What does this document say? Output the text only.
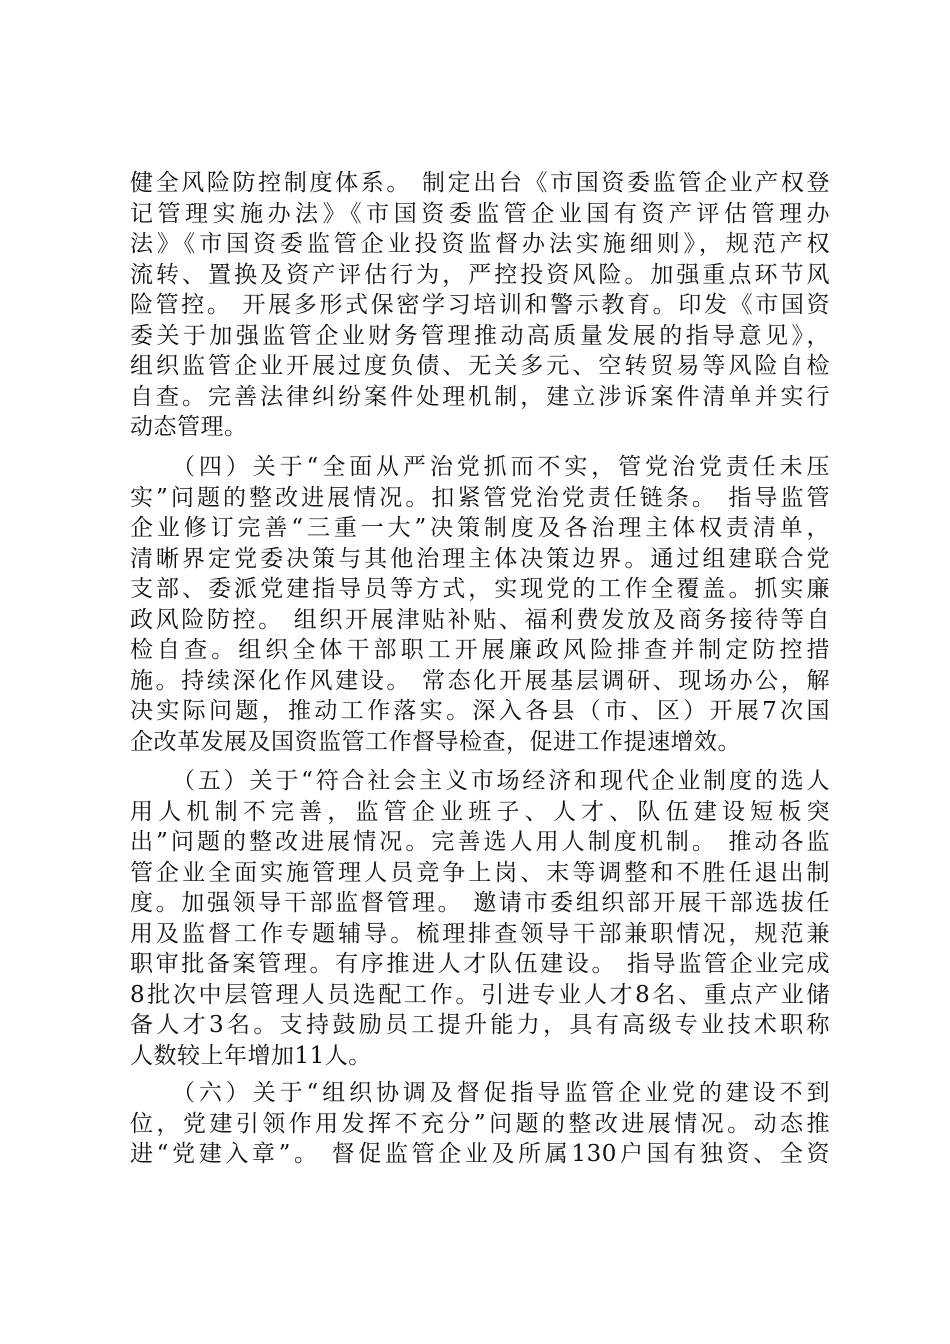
健全风险防控制度体系。 制定出台《市国资委监管企业产权登
记管理实施办法》《市国资委监管企业国有资产评估管理办
法》《市国资委监管企业投资监督办法实施细则》，规范产权
流转、置换及资产评估行为，严控投资风险。加强重点环节风
险管控。 开展多形式保密学习培训和警示教育。印发《市国资
委关于加强监管企业财务管理推动高质量发展的指导意见》，
组织监管企业开展过度负债、无关多元、空转贸易等风险自检
自查。完善法律纠纷案件处理机制，建立涉诉案件清单并实行
动态管理。
（四）关于“全面从严治党抓而不实，管党治党责任未压
实”问题的整改进展情况。扣紧管党治党责任链条。 指导监管
企业修订完善“三重一大”决策制度及各治理主体权责清单，
清晰界定党委决策与其他治理主体决策边界。通过组建联合党
支部、委派党建指导员等方式，实现党的工作全覆盖。抓实廉
政风险防控。 组织开展津贴补贴、福利费发放及商务接待等自
检自查。组织全体干部职工开展廉政风险排查并制定防控措
施。持续深化作风建设。 常态化开展基层调研、现场办公，解
决实际问题，推动工作落实。深入各县（市、区）开展7次国
企改革发展及国资监管工作督导检查，促进工作提速增效。
（五）关于“符合社会主义市场经济和现代企业制度的选人
用人机制不完善，监管企业班子、人才、队伍建设短板突
出”问题的整改进展情况。完善选人用人制度机制。 推动各监
管企业全面实施管理人员竞争上岗、末等调整和不胜任退出制
度。加强领导干部监督管理。 邀请市委组织部开展干部选拔任
用及监督工作专题辅导。梳理排查领导干部兼职情况，规范兼
职审批备案管理。有序推进人才队伍建设。 指导监管企业完成
8批次中层管理人员选配工作。引进专业人才8名、重点产业储
备人才3名。支持鼓励员工提升能力，具有高级专业技术职称
人数较上年增加11人。
（六）关于“组织协调及督促指导监管企业党的建设不到
位，党建引领作用发挥不充分”问题的整改进展情况。动态推
进“党建入章”。 督促监管企业及所属130户国有独资、全资
